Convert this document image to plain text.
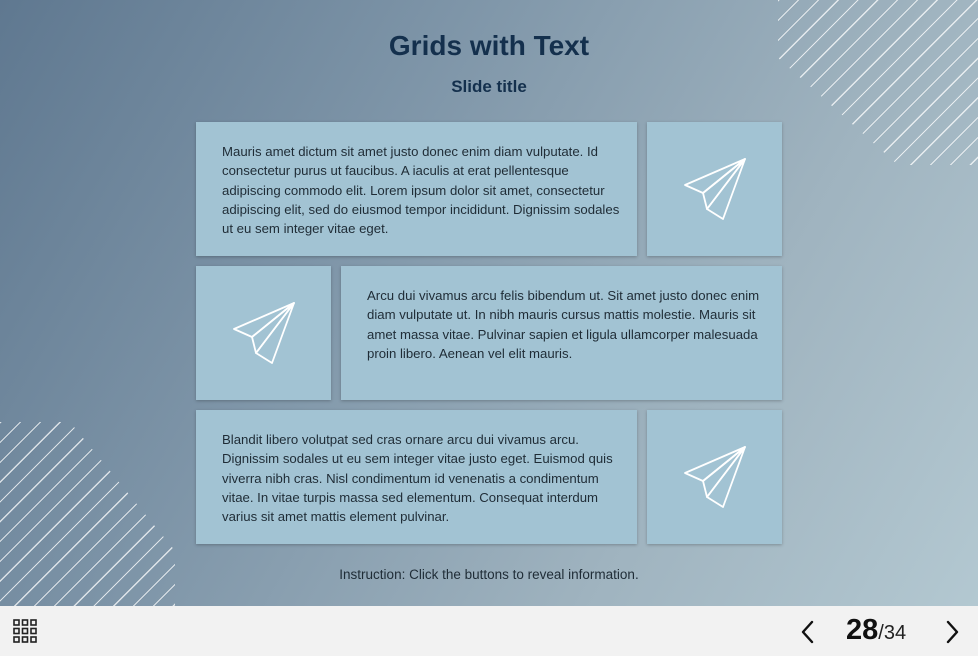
Grids with Text
Slide title
Mauris amet dictum sit amet justo donec enim diam vulputate. Id consectetur purus ut faucibus. A iaculis at erat pellentesque adipiscing commodo elit. Lorem ipsum dolor sit amet, consectetur adipiscing elit, sed do eiusmod tempor incididunt. Dignissim sodales ut eu sem integer vitae eget.
Arcu dui vivamus arcu felis bibendum ut. Sit amet justo donec enim diam vulputate ut. In nibh mauris cursus mattis molestie. Mauris sit amet massa vitae. Pulvinar sapien et ligula ullamcorper malesuada proin libero. Aenean vel elit mauris.
Blandit libero volutpat sed cras ornare arcu dui vivamus arcu. Dignissim sodales ut eu sem integer vitae justo eget. Euismod quis viverra nibh cras. Nisl condimentum id venenatis a condimentum vitae. In vitae turpis massa sed elementum. Consequat interdum varius sit amet mattis element pulvinar.
Instruction: Click the buttons to reveal information.
28/34
